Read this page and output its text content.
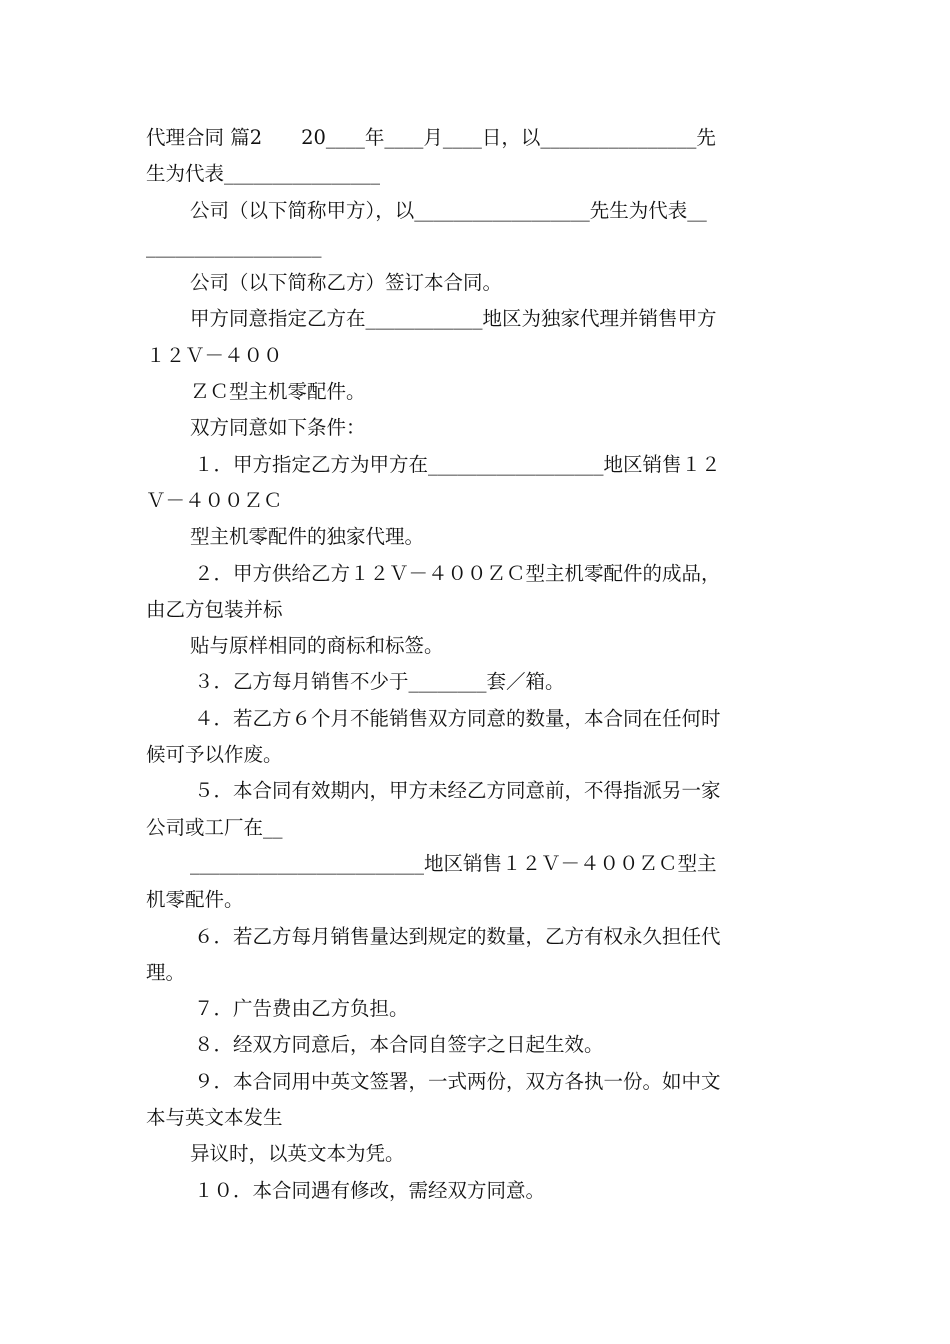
代理合同 篇2　　20____年____月____日，以________________先
生为代表________________
公司（以下简称甲方），以__________________先生为代表__
__________________
公司（以下简称乙方）签订本合同。
甲方同意指定乙方在____________地区为独家代理并销售甲方
１２Ｖ－４００
ＺＣ型主机零配件。
双方同意如下条件：
１．甲方指定乙方为甲方在__________________地区销售１２
Ｖ－４００ＺＣ
型主机零配件的独家代理。
２．甲方供给乙方１２Ｖ－４００ＺＣ型主机零配件的成品，
由乙方包装并标
贴与原样相同的商标和标签。
３．乙方每月销售不少于________套／箱。
４．若乙方６个月不能销售双方同意的数量，本合同在任何时
候可予以作废。
５．本合同有效期内，甲方未经乙方同意前，不得指派另一家
公司或工厂在__
________________________地区销售１２Ｖ－４００ＺＣ型主
机零配件。
６．若乙方每月销售量达到规定的数量，乙方有权永久担任代
理。
７．广告费由乙方负担。
８．经双方同意后，本合同自签字之日起生效。
９．本合同用中英文签署，一式两份，双方各执一份。如中文
本与英文本发生
异议时，以英文本为凭。
１０．本合同遇有修改，需经双方同意。
